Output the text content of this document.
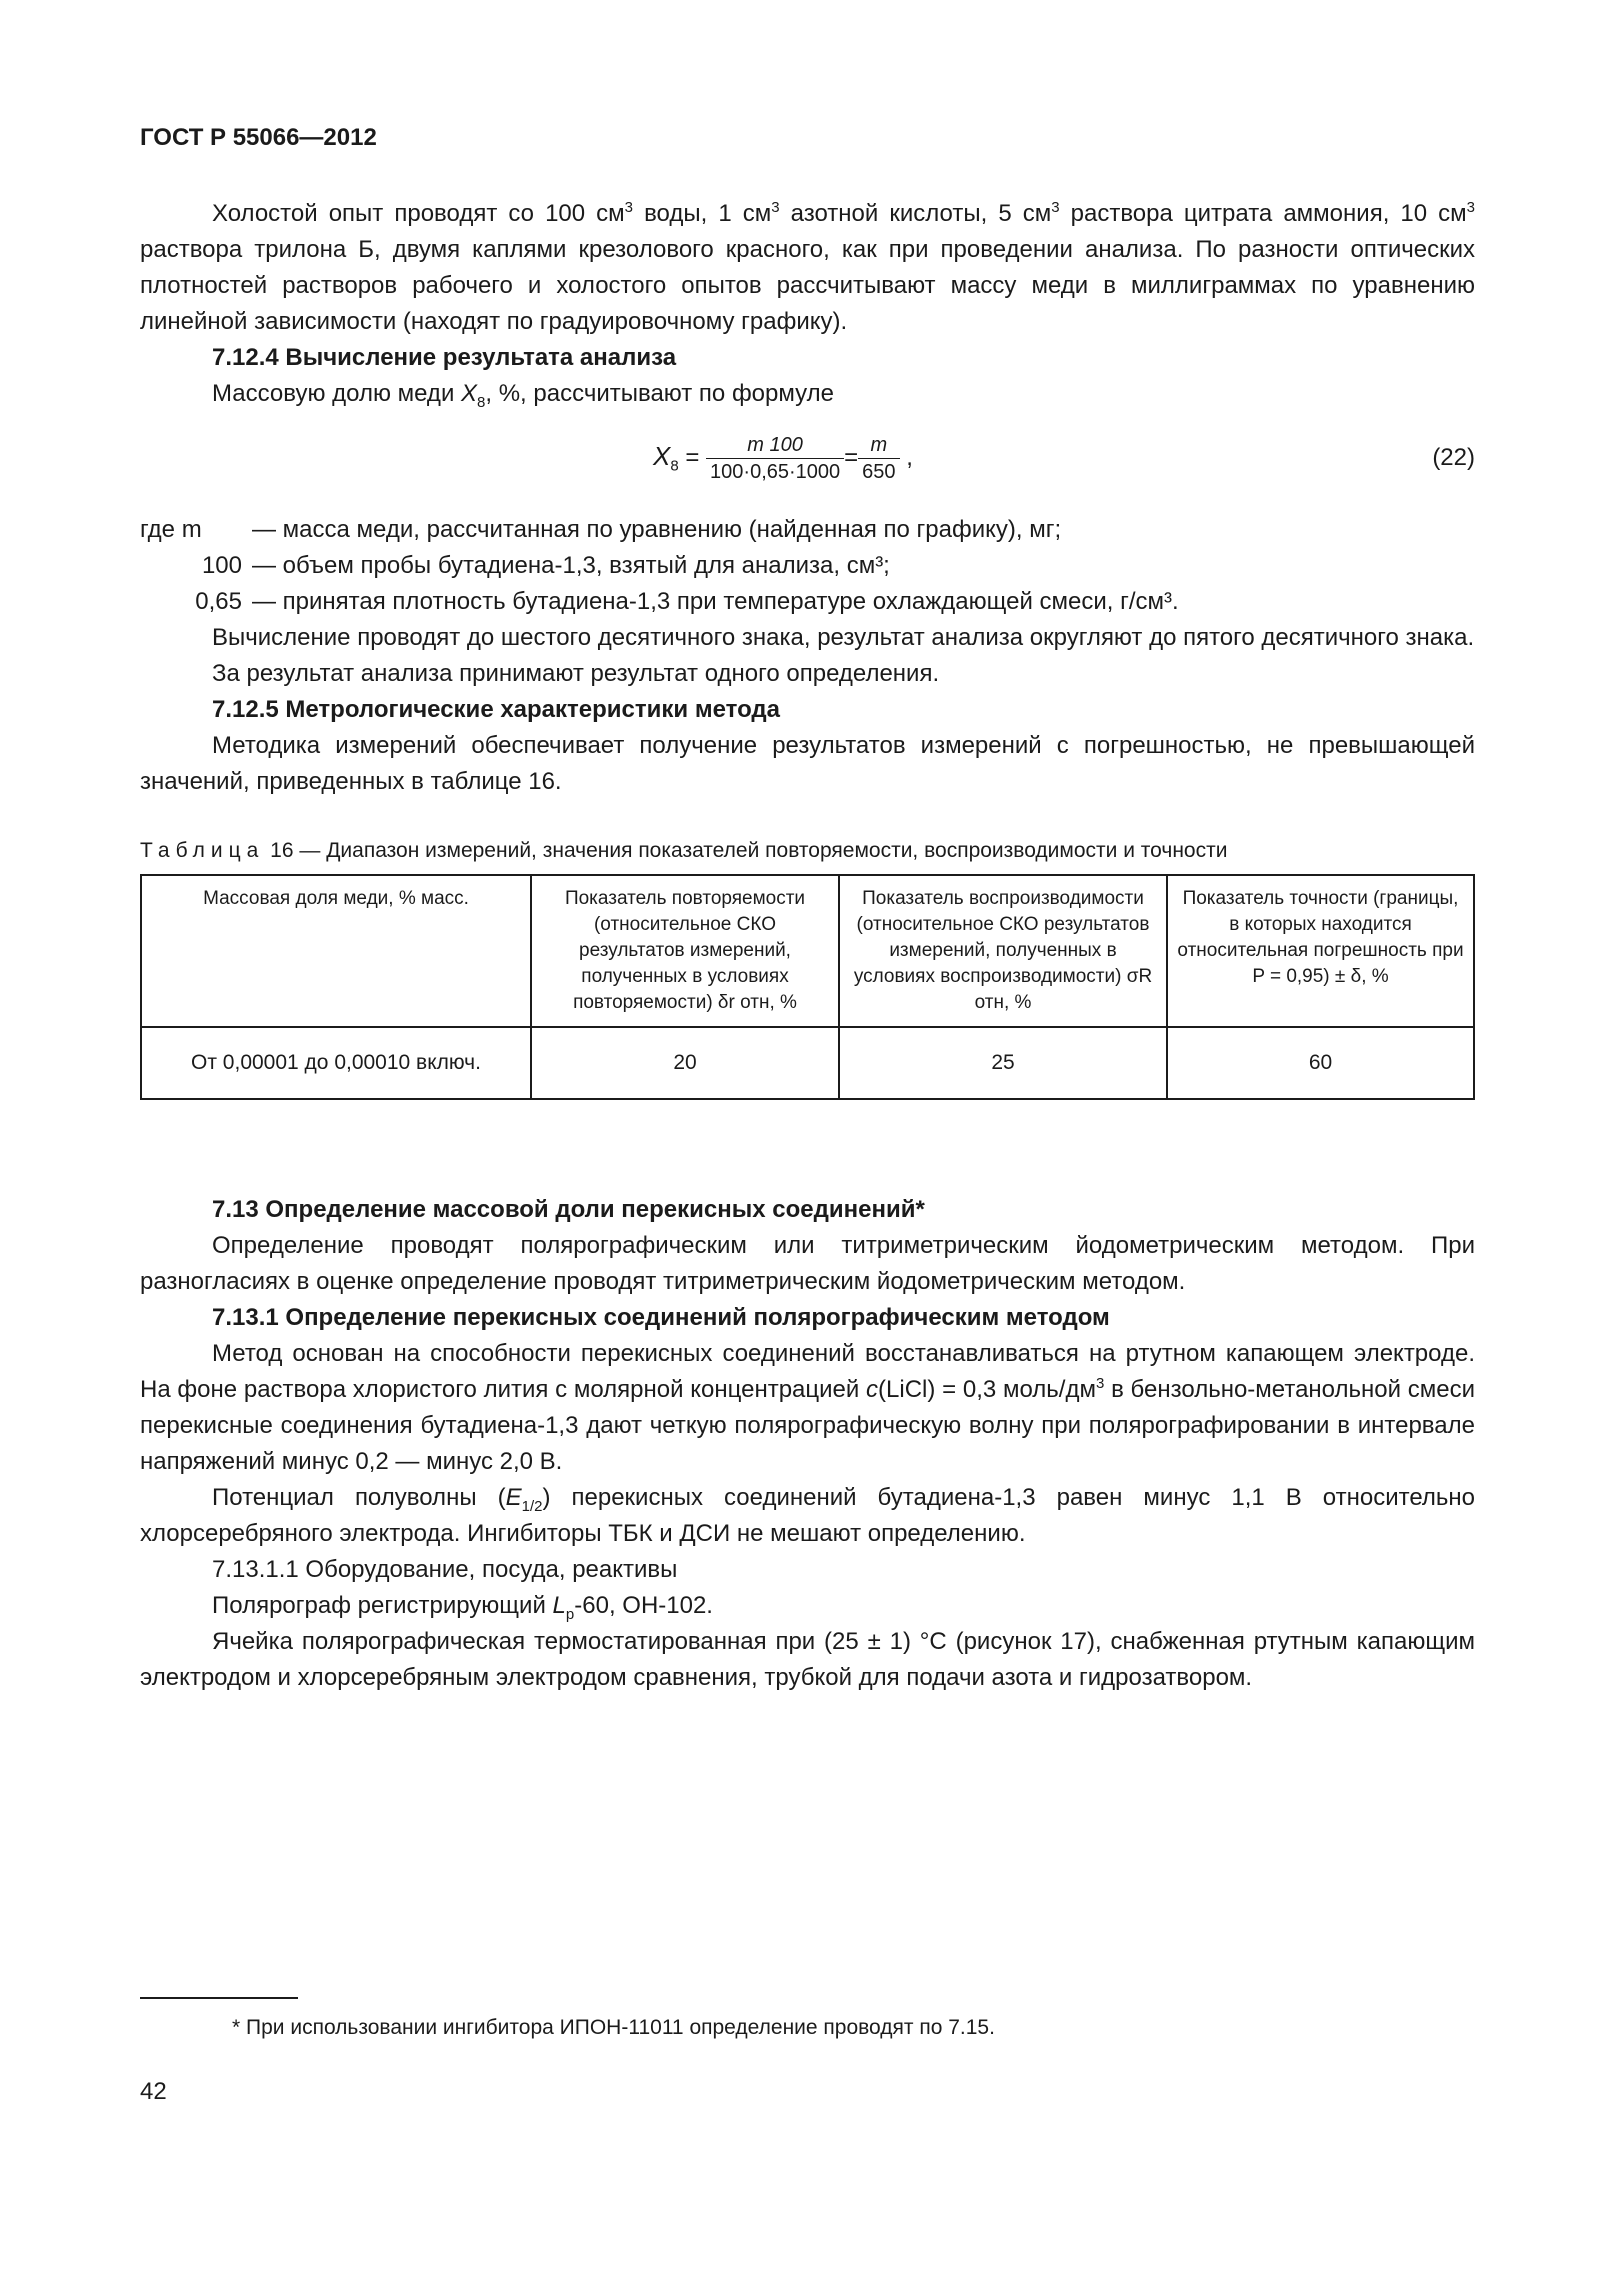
ГОСТ Р 55066—2012

Холостой опыт проводят со 100 $см^3$ воды, 1 $см^3$ азотной кислоты, 5 $см^3$ раствора цитрата аммония, 10 $см^3$ раствора трилона Б, двумя каплями крезолового красного, как при проведении анализа. По разности оптических плотностей растворов рабочего и холостого опытов рассчитывают массу меди в миллиграммах по уравнению линейной зависимости (находят по градуировочному графику).

7.12.4 Вычисление результата анализа

Массовую долю меди $X_8$, %, рассчитывают по формуле

$X_8 = \frac{m 100}{100\cdot 0,65\cdot 1000} = \frac{m}{650}$ ,	(22)
где m	— масса меди, рассчитанная по уравнению (найденная по графику), мг;
100 — объем пробы бутадиена-1,3, взятый для анализа, см³;
0,65 — принятая плотность бутадиена-1,3 при температуре охлаждающей смеси, г/см³.

Вычисление проводят до шестого десятичного знака, результат анализа округляют до пятого десятичного знака.

За результат анализа принимают результат одного определения.

7.12.5 Метрологические характеристики метода

Методика измерений обеспечивает получение результатов измерений с погрешностью, не превышающей значений, приведенных в таблице 16.

Таблица 16 — Диапазон измерений, значения показателей повторяемости, воспроизводимости и точности
Массовая доля меди, % масс.	Показатель повторяемости (относительное СКО результатов измерений, полученных в условиях повторяемости) δr отн, %	Показатель воспроизводимости (относительное СКО результатов измерений, полученных в условиях воспроизводимости) σR отн, %	Показатель точности (границы, в которых находится относительная погрешность при P = 0,95) ± δ, %
От 0,00001 до 0,00010 включ.	20	25	60

7.13 Определение массовой доли перекисных соединений*

Определение проводят полярографическим или титриметрическим йодометрическим методом. При разногласиях в оценке определение проводят титриметрическим йодометрическим методом.

7.13.1 Определение перекисных соединений полярографическим методом

Метод основан на способности перекисных соединений восстанавливаться на ртутном капающем электроде. На фоне раствора хлористого лития с молярной концентрацией c(LiCl) = 0,3 моль/$дм^3$ в бензольно-метанольной смеси перекисные соединения бутадиена-1,3 дают четкую полярографическую волну при полярографировании в интервале напряжений минус 0,2 — минус 2,0 В.

Потенциал полуволны $(E_{1/2})$ перекисных соединений бутадиена-1,3 равен минус 1,1 В относительно хлорсеребряного электрода. Ингибиторы ТБК и ДСИ не мешают определению.

7.13.1.1 Оборудование, посуда, реактивы

Полярограф регистрирующий $L_р-60$, ОН-102.

Ячейка полярографическая термостатированная при (25 ± 1) °С (рисунок 17), снабженная ртутным капающим электродом и хлорсеребряным электродом сравнения, трубкой для подачи азота и гидрозатвором.

* При использовании ингибитора ИПОН-11011 определение проводят по 7.15.
42
